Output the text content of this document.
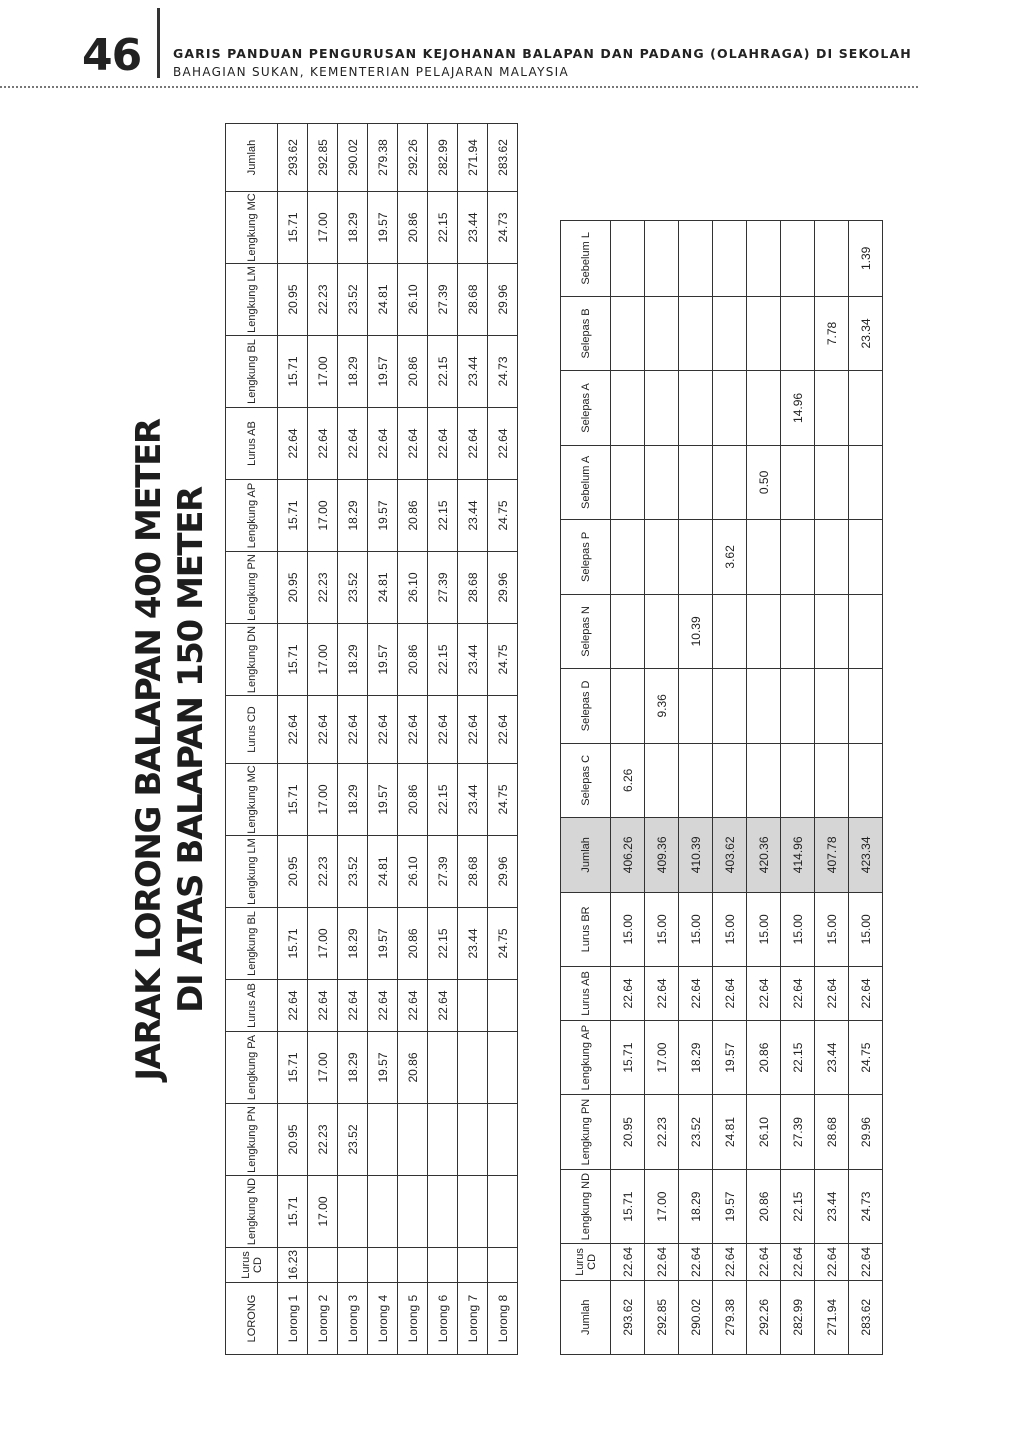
46	GARIS PANDUAN PENGURUSAN KEJOHANAN BALAPAN DAN PADANG (OLAHRAGA) DI SEKOLAH
BAHAGIAN SUKAN, KEMENTERIAN PELAJARAN MALAYSIA
JARAK LORONG BALAPAN 400 METER DI ATAS BALAPAN 150 METER
LORONG	Lurus CD	Lengkung ND	Lengkung PN	Lengkung PA	Lurus AB	Lengkung BL	Lengkung LM	Lengkung MC	Lurus CD	Lengkung DN	Lengkung PN	Lengkung AP	Lurus AB	Lengkung BL	Lengkung LM	Lengkung MC	Jumlah
Lorong 1	16.23	15.71	20.95	15.71	22.64	15.71	20.95	15.71	22.64	15.71	20.95	15.71	22.64	15.71	20.95	15.71	293.62
Lorong 2		17.00	22.23	17.00	22.64	17.00	22.23	17.00	22.64	17.00	22.23	17.00	22.64	17.00	22.23	17.00	292.85
Lorong 3			23.52	18.29	22.64	18.29	23.52	18.29	22.64	18.29	23.52	18.29	22.64	18.29	23.52	18.29	290.02
Lorong 4				19.57	22.64	19.57	24.81	19.57	22.64	19.57	24.81	19.57	22.64	19.57	24.81	19.57	279.38
Lorong 5				20.86	22.64	20.86	26.10	20.86	22.64	20.86	26.10	20.86	22.64	20.86	26.10	20.86	292.26
Lorong 6					22.64	22.15	27.39	22.15	22.64	22.15	27.39	22.15	22.64	22.15	27.39	22.15	282.99
Lorong 7						23.44	28.68	23.44	22.64	23.44	28.68	23.44	22.64	23.44	28.68	23.44	271.94
Lorong 8						24.75	29.96	24.75	22.64	24.75	29.96	24.75	22.64	24.73	29.96	24.73	283.62
Jumlah	Lurus CD	Lengkung ND	Lengkung PN	Lengkung AP	Lurus AB	Lurus BR	Jumlah	Selepas C	Selepas D	Selepas N	Selepas P	Sebelum A	Selepas A	Selepas B	Sebelum L
293.62	22.64	15.71	20.95	15.71	22.64	15.00	406.26	6.26							
292.85	22.64	17.00	22.23	17.00	22.64	15.00	409.36		9.36						
290.02	22.64	18.29	23.52	18.29	22.64	15.00	410.39			10.39					
279.38	22.64	19.57	24.81	19.57	22.64	15.00	403.62				3.62				
292.26	22.64	20.86	26.10	20.86	22.64	15.00	420.36					0.50			
282.99	22.64	22.15	27.39	22.15	22.64	15.00	414.96						14.96		
271.94	22.64	23.44	28.68	23.44	22.64	15.00	407.78							7.78	
283.62	22.64	24.73	29.96	24.75	22.64	15.00	423.34							23.34	1.39
